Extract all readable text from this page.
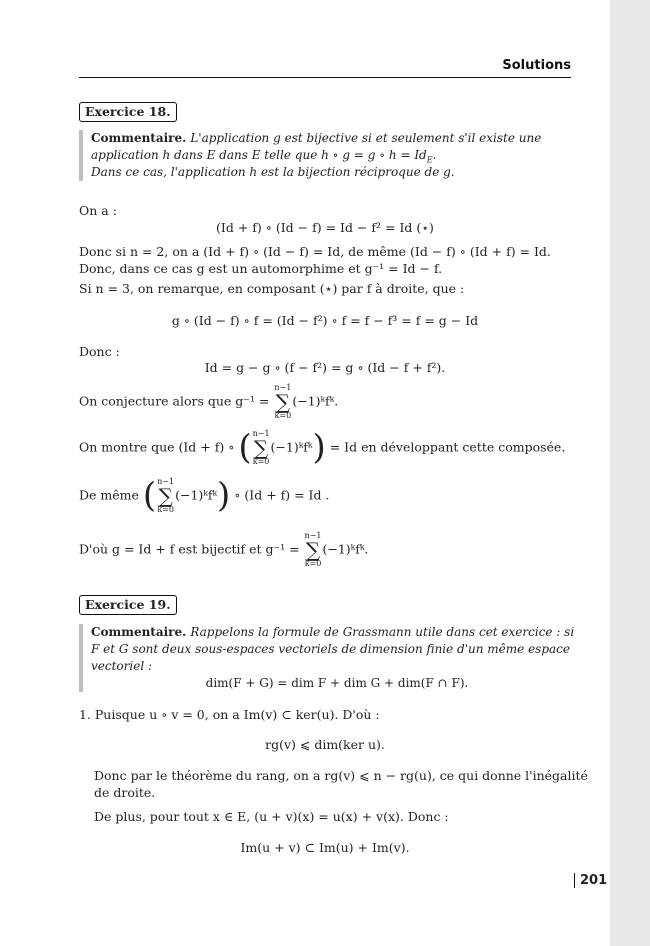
Solutions
Exercice 18.
Commentaire. L'application g est bijective si et seulement s'il existe une
application h dans E dans E telle que h ∘ g = g ∘ $h = Id_E$.
Dans ce cas, l'application h est la bijection réciproque de g.
On a :
(Id + f) ∘ (Id − f) = Id − f² = Id (⋆)
Donc si n = 2, on a (Id + f) ∘ (Id − f) = Id, de même (Id − f) ∘ (Id + f) = Id.
Donc, dans ce cas g est un automorphime et g⁻¹ = Id − f.
Si n = 3, on remarque, en composant (⋆) par f à droite, que :
g ∘ (Id − f) ∘ f = (Id − f²) ∘ f = f − f³ = f = g − Id
Donc :
Id = g − g ∘ (f − f²) = g ∘ (Id − f + f²).
On conjecture alors que g⁻¹ =
n−1
∑
k=0
(−1)ᵏfᵏ.
On montre que (Id + f) ∘ ( n−1
∑
k=0
(−1)ᵏfᵏ) = Id en développant cette composée.
De même ( n−1
∑
k=0
(−1)ᵏfᵏ) ∘ (Id + f) = Id .
D'où g = Id + f est bijectif et g⁻¹ =
n−1
∑
k=0
(−1)ᵏfᵏ.
Exercice 19.
Commentaire. Rappelons la formule de Grassmann utile dans cet exercice : si
F et G sont deux sous-espaces vectoriels de dimension finie d'un même espace
vectoriel :
dim(F + G) = dim F + dim G + dim(F ∩ F).
1. Puisque u ∘ v = 0, on a Im(v) ⊂ ker(u). D'où :
rg(v) ⩽ dim(ker u).
Donc par le théorème du rang, on a rg(v) ⩽ n − rg(u), ce qui donne l'inégalité
de droite.
De plus, pour tout x ∈ E, (u + v)(x) = u(x) + v(x). Donc :
Im(u + v) ⊂ Im(u) + Im(v).
201
